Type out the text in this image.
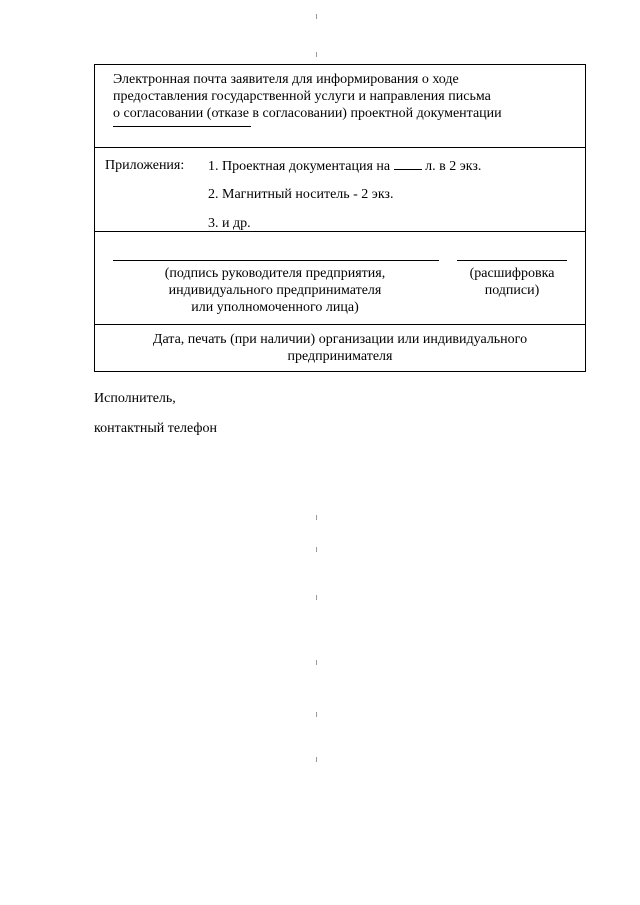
Электронная почта заявителя для информирования о ходе
предоставления государственной услуги и направления письма
о согласовании (отказе в согласовании) проектной документации
Приложения: 1. Проектная документация на	л. в 2 экз.
2. Магнитный носитель - 2 экз.
3. и др.
(подпись руководителя предприятия,
индивидуального предпринимателя
или уполномоченного лица)
(расшифровка
подписи)
Дата, печать (при наличии) организации или индивидуального
предпринимателя
Исполнитель,
контактный телефон
